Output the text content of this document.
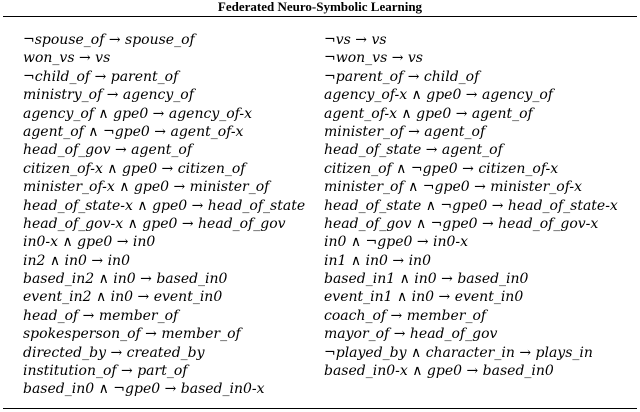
Federated Neuro-Symbolic Learning
¬spouse_of → spouse_of
won_vs → vs
¬child_of → parent_of
ministry_of → agency_of
agency_of ∧ gpe0 → agency_of-x
agent_of ∧ ¬gpe0 → agent_of-x
head_of_gov → agent_of
citizen_of-x ∧ gpe0 → citizen_of
minister_of-x ∧ gpe0 → minister_of
head_of_state-x ∧ gpe0 → head_of_state
head_of_gov-x ∧ gpe0 → head_of_gov
in0-x ∧ gpe0 → in0
in2 ∧ in0 → in0
based_in2 ∧ in0 → based_in0
event_in2 ∧ in0 → event_in0
head_of → member_of
spokesperson_of → member_of
directed_by → created_by
institution_of → part_of
based_in0 ∧ ¬gpe0 → based_in0-x
¬vs → vs
¬won_vs → vs
¬parent_of → child_of
agency_of-x ∧ gpe0 → agency_of
agent_of-x ∧ gpe0 → agent_of
minister_of → agent_of
head_of_state → agent_of
citizen_of ∧ ¬gpe0 → citizen_of-x
minister_of ∧ ¬gpe0 → minister_of-x
head_of_state ∧ ¬gpe0 → head_of_state-x
head_of_gov ∧ ¬gpe0 → head_of_gov-x
in0 ∧ ¬gpe0 → in0-x
in1 ∧ in0 → in0
based_in1 ∧ in0 → based_in0
event_in1 ∧ in0 → event_in0
coach_of → member_of
mayor_of → head_of_gov
¬played_by ∧ character_in → plays_in
based_in0-x ∧ gpe0 → based_in0
